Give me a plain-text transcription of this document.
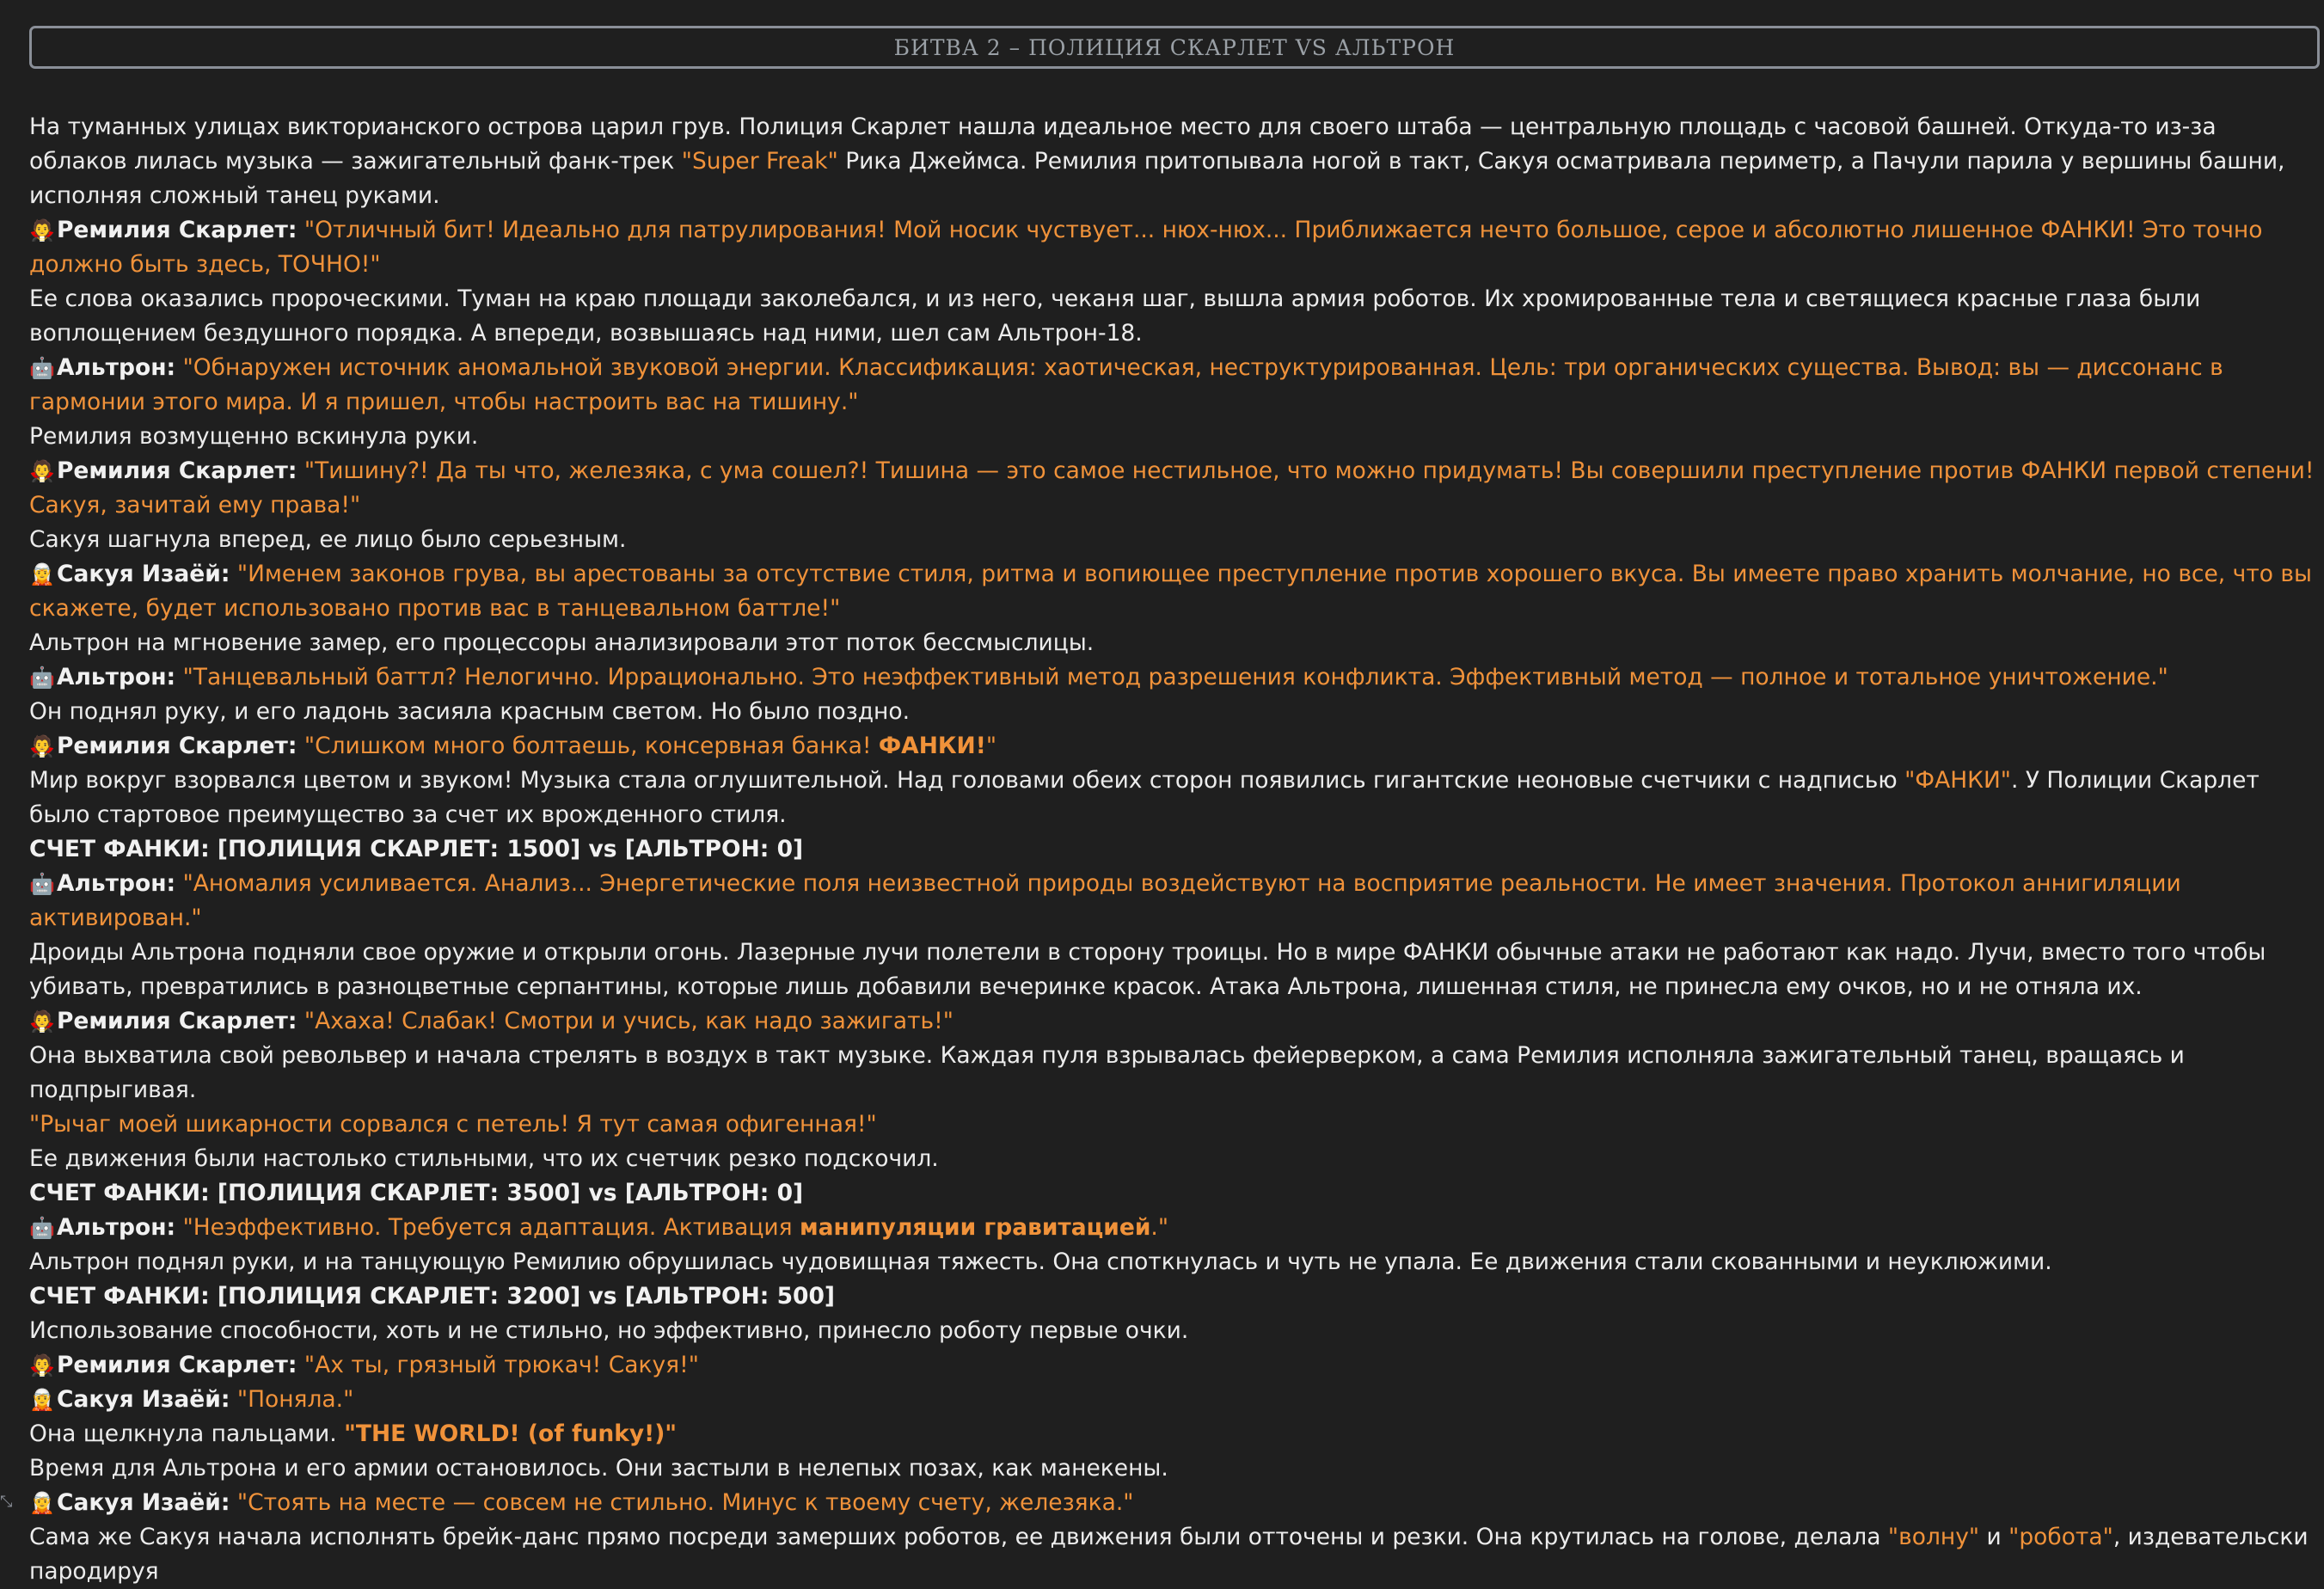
БИТВА 2 – ПОЛИЦИЯ СКАРЛЕТ VS АЛЬТРОН

На туманных улицах викторианского острова царил грув. Полиция Скарлет нашла идеальное место для своего штаба — центральную площадь с часовой башней. Откуда-то из-за облаков лилась музыка — зажигательный фанк-трек "Super Freak" Рика Джеймса. Ремилия притопывала ногой в такт, Сакуя осматривала периметр, а Пачули парила у вершины башни, исполняя сложный танец руками.

🧛Ремилия Скарлет: "Отличный бит! Идеально для патрулирования! Мой носик чуствует... нюх-нюх... Приближается нечто большое, серое и абсолютно лишенное ФАНКИ! Это точно должно быть здесь, ТОЧНО!"

Ее слова оказались пророческими. Туман на краю площади заколебался, и из него, чеканя шаг, вышла армия роботов. Их хромированные тела и светящиеся красные глаза были воплощением бездушного порядка. А впереди, возвышаясь над ними, шел сам Альтрон-18.

🤖Альтрон: "Обнаружен источник аномальной звуковой энергии. Классификация: хаотическая, неструктурированная. Цель: три органических существа. Вывод: вы — диссонанс в гармонии этого мира. И я пришел, чтобы настроить вас на тишину."

Ремилия возмущенно вскинула руки.

🧛Ремилия Скарлет: "Тишину?! Да ты что, железяка, с ума сошел?! Тишина — это самое нестильное, что можно придумать! Вы совершили преступление против ФАНКИ первой степени! Сакуя, зачитай ему права!"

Сакуя шагнула вперед, ее лицо было серьезным.

🧝Сакуя Изаёй: "Именем законов грува, вы арестованы за отсутствие стиля, ритма и вопиющее преступление против хорошего вкуса. Вы имеете право хранить молчание, но все, что вы скажете, будет использовано против вас в танцевальном баттле!"

Альтрон на мгновение замер, его процессоры анализировали этот поток бессмыслицы.

🤖Альтрон: "Танцевальный баттл? Нелогично. Иррационально. Это неэффективный метод разрешения конфликта. Эффективный метод — полное и тотальное уничтожение."

Он поднял руку, и его ладонь засияла красным светом. Но было поздно.

🧛Ремилия Скарлет: "Слишком много болтаешь, консервная банка! ФАНКИ!"

Мир вокруг взорвался цветом и звуком! Музыка стала оглушительной. Над головами обеих сторон появились гигантские неоновые счетчики с надписью "ФАНКИ". У Полиции Скарлет было стартовое преимущество за счет их врожденного стиля.

СЧЕТ ФАНКИ: [ПОЛИЦИЯ СКАРЛЕТ: 1500] vs [АЛЬТРОН: 0]

🤖Альтрон: "Аномалия усиливается. Анализ... Энергетические поля неизвестной природы воздействуют на восприятие реальности. Не имеет значения. Протокол аннигиляции активирован."

Дроиды Альтрона подняли свое оружие и открыли огонь. Лазерные лучи полетели в сторону троицы. Но в мире ФАНКИ обычные атаки не работают как надо. Лучи, вместо того чтобы убивать, превратились в разноцветные серпантины, которые лишь добавили вечеринке красок. Атака Альтрона, лишенная стиля, не принесла ему очков, но и не отняла их.

🧛Ремилия Скарлет: "Ахаха! Слабак! Смотри и учись, как надо зажигать!"

Она выхватила свой револьвер и начала стрелять в воздух в такт музыке. Каждая пуля взрывалась фейерверком, а сама Ремилия исполняла зажигательный танец, вращаясь и подпрыгивая.

"Рычаг моей шикарности сорвался с петель! Я тут самая офигенная!"

Ее движения были настолько стильными, что их счетчик резко подскочил.

СЧЕТ ФАНКИ: [ПОЛИЦИЯ СКАРЛЕТ: 3500] vs [АЛЬТРОН: 0]

🤖Альтрон: "Неэффективно. Требуется адаптация. Активация манипуляции гравитацией."

Альтрон поднял руки, и на танцующую Ремилию обрушилась чудовищная тяжесть. Она споткнулась и чуть не упала. Ее движения стали скованными и неуклюжими.

СЧЕТ ФАНКИ: [ПОЛИЦИЯ СКАРЛЕТ: 3200] vs [АЛЬТРОН: 500]

Использование способности, хоть и не стильно, но эффективно, принесло роботу первые очки.

🧛Ремилия Скарлет: "Ах ты, грязный трюкач! Сакуя!"

🧝Сакуя Изаёй: "Поняла."

Она щелкнула пальцами. "THE WORLD! (of funky!)"

Время для Альтрона и его армии остановилось. Они застыли в нелепых позах, как манекены.

🧝Сакуя Изаёй: "Стоять на месте — совсем не стильно. Минус к твоему счету, железяка."

Сама же Сакуя начала исполнять брейк-данс прямо посреди замерших роботов, ее движения были отточены и резки. Она крутилась на голове, делала "волну" и "робота", издевательски пародируя

⤡
